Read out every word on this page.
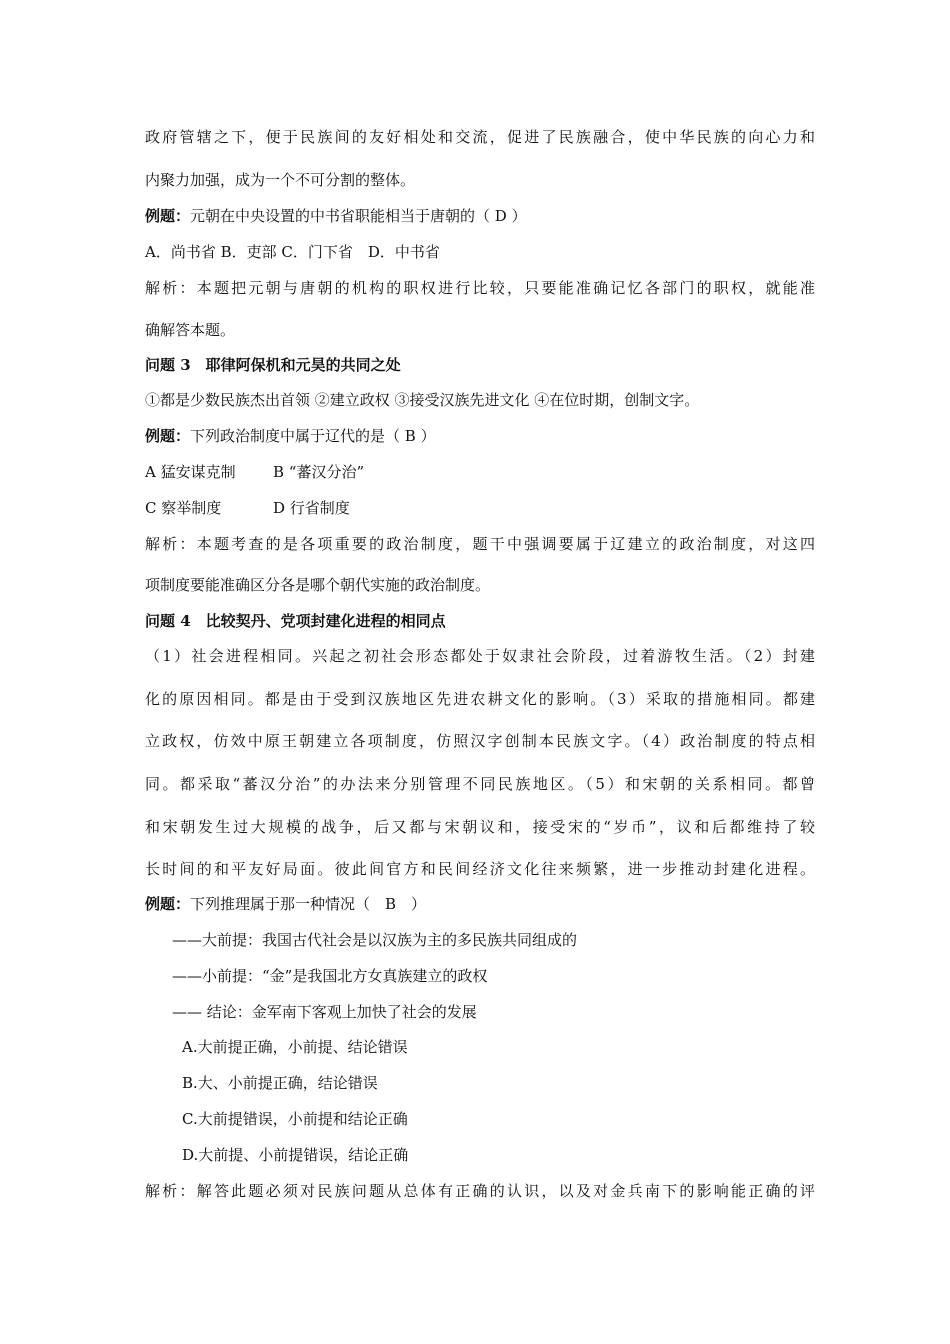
政府管辖之下，便于民族间的友好相处和交流，促进了民族融合，使中华民族的向心力和
内聚力加强，成为一个不可分割的整体。
例题：元朝在中央设置的中书省职能相当于唐朝的（ D ）
A．尚书省 B．吏部 C．门下省　D．中书省
解析：本题把元朝与唐朝的机构的职权进行比较，只要能准确记忆各部门的职权，就能准
确解答本题。
问题 3　耶律阿保机和元昊的共同之处
①都是少数民族杰出首领 ②建立政权 ③接受汉族先进文化 ④在位时期，创制文字。
例题：下列政治制度中属于辽代的是（ B ）
A 猛安谋克制 B “蕃汉分治”
C 察举制度	D 行省制度
解析：本题考查的是各项重要的政治制度，题干中强调要属于辽建立的政治制度，对这四
项制度要能准确区分各是哪个朝代实施的政治制度。
问题 4　比较契丹、党项封建化进程的相同点
（1）社会进程相同。兴起之初社会形态都处于奴隶社会阶段，过着游牧生活。（2）封建
化的原因相同。都是由于受到汉族地区先进农耕文化的影响。（3）采取的措施相同。都建
立政权，仿效中原王朝建立各项制度，仿照汉字创制本民族文字。（4）政治制度的特点相
同。都采取“蕃汉分治”的办法来分别管理不同民族地区。（5）和宋朝的关系相同。都曾
和宋朝发生过大规模的战争，后又都与宋朝议和，接受宋的“岁币”，议和后都维持了较
长时间的和平友好局面。彼此间官方和民间经济文化往来频繁，进一步推动封建化进程。
例题：下列推理属于那一种情况（　B　）
——大前提：我国古代社会是以汉族为主的多民族共同组成的
——小前提：“金”是我国北方女真族建立的政权
—— 结论：金军南下客观上加快了社会的发展
A.大前提正确，小前提、结论错误
B.大、小前提正确，结论错误
C.大前提错误，小前提和结论正确
D.大前提、小前提错误，结论正确
解析：解答此题必须对民族问题从总体有正确的认识，以及对金兵南下的影响能正确的评
